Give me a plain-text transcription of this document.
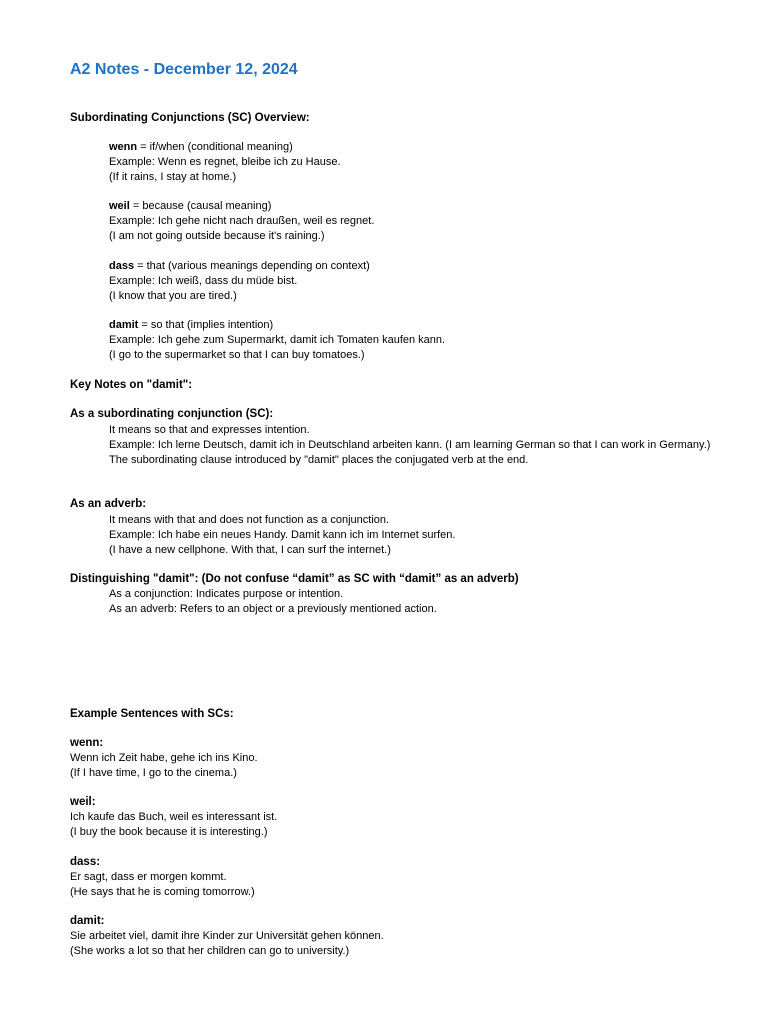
A2 Notes - December 12, 2024
Subordinating Conjunctions (SC) Overview:
wenn = if/when (conditional meaning)
Example: Wenn es regnet, bleibe ich zu Hause.
(If it rains, I stay at home.)
weil = because (causal meaning)
Example: Ich gehe nicht nach draußen, weil es regnet.
(I am not going outside because it's raining.)
dass = that (various meanings depending on context)
Example: Ich weiß, dass du müde bist.
(I know that you are tired.)
damit = so that (implies intention)
Example: Ich gehe zum Supermarkt, damit ich Tomaten kaufen kann.
(I go to the supermarket so that I can buy tomatoes.)
Key Notes on "damit":
As a subordinating conjunction (SC):
It means so that and expresses intention.
Example: Ich lerne Deutsch, damit ich in Deutschland arbeiten kann. (I am learning German so that I can work in Germany.)
The subordinating clause introduced by "damit" places the conjugated verb at the end.
As an adverb:
It means with that and does not function as a conjunction.
Example: Ich habe ein neues Handy. Damit kann ich im Internet surfen.
(I have a new cellphone. With that, I can surf the internet.)
Distinguishing "damit": (Do not confuse “damit” as SC with “damit” as an adverb)
As a conjunction: Indicates purpose or intention.
As an adverb: Refers to an object or a previously mentioned action.
Example Sentences with SCs:
wenn:
Wenn ich Zeit habe, gehe ich ins Kino.
(If I have time, I go to the cinema.)
weil:
Ich kaufe das Buch, weil es interessant ist.
(I buy the book because it is interesting.)
dass:
Er sagt, dass er morgen kommt.
(He says that he is coming tomorrow.)
damit:
Sie arbeitet viel, damit ihre Kinder zur Universität gehen können.
(She works a lot so that her children can go to university.)
